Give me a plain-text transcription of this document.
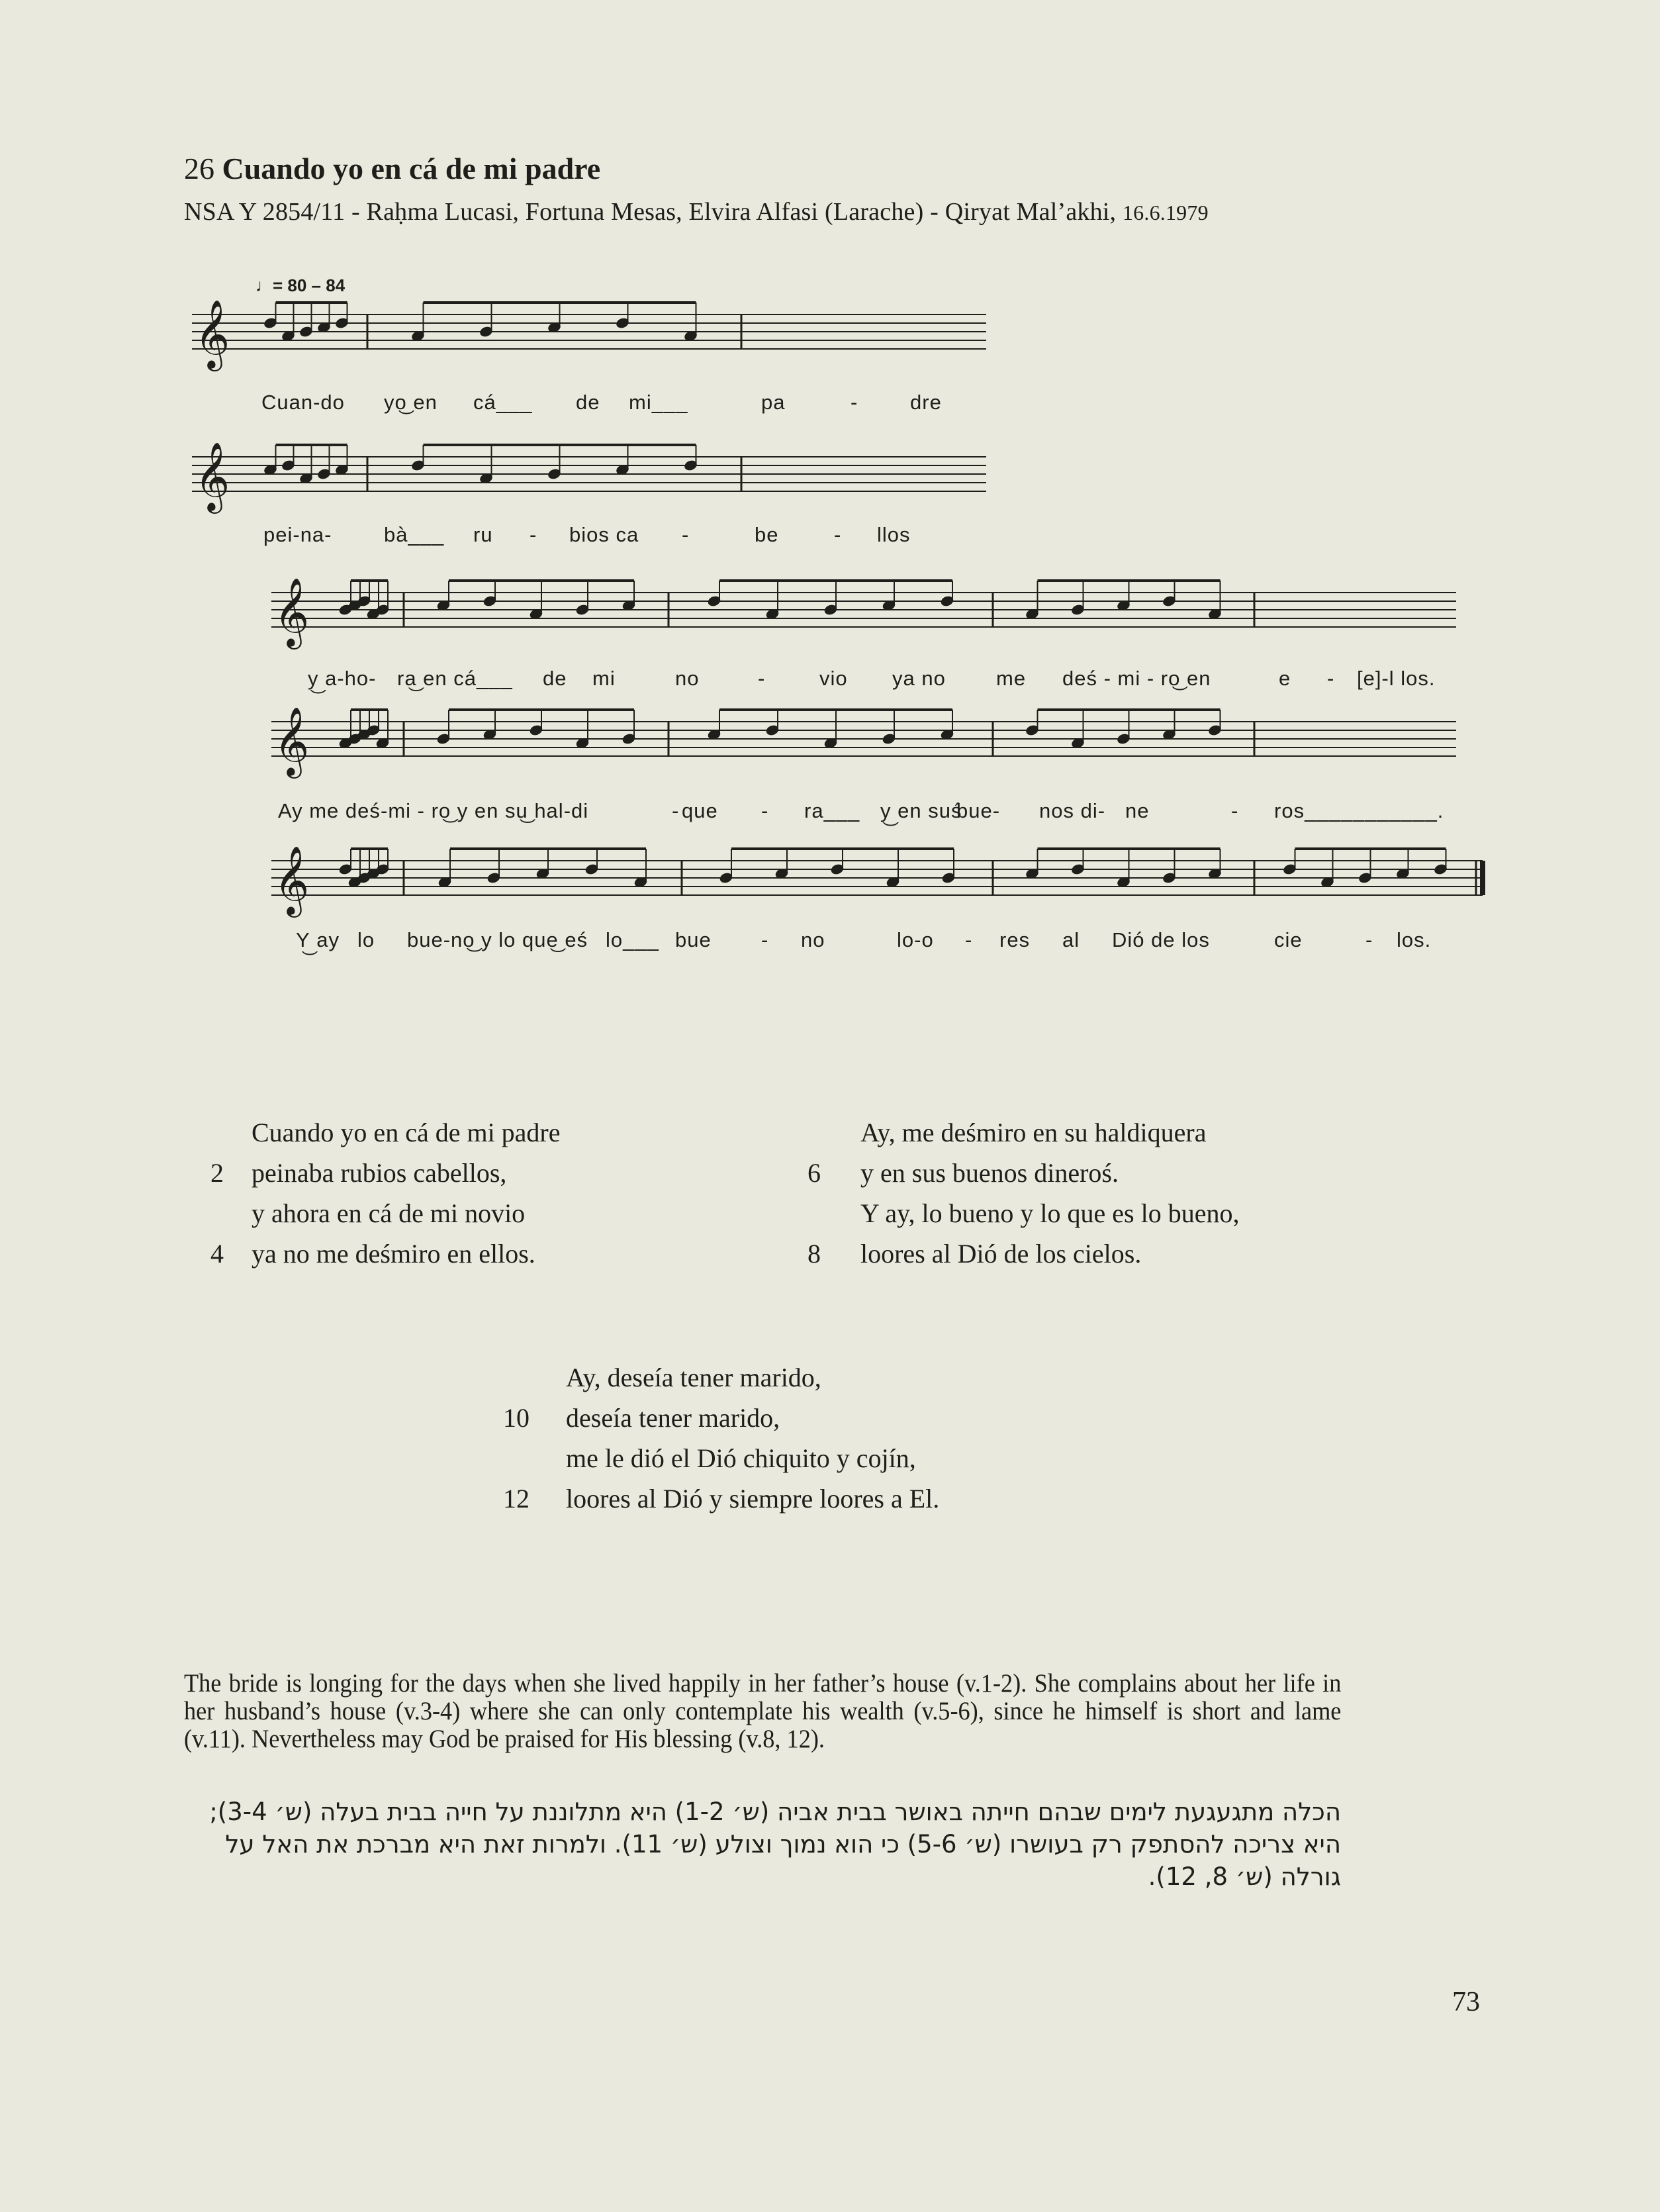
26 Cuando yo en cá de mi padre
NSA Y 2854/11 - Raḥma Lucasi, Fortuna Mesas, Elvira Alfasi (Larache) - Qiryat Mal’akhi, 16.6.1979
♩= 80 – 84
𝄞
𝄞
𝄞
𝄞
𝄞
Cuan-do yo͜ en cá___ de mi___	pa	-	dre
pei-na-	bà___ ru - bios ca -	be	- llos
y͜ a-ho- ra͜ en cá___ de mi	no	-	vio ya no me deś - mi - ro͜ en	e - [e]-l los.
Ay me deś -mi - ro͜ y en su͜ hal-di	- que - ra___ y͜ en suś
bue- nos di- ne	- ros___________.
Y͜ ay lo bue-no͜ y lo que͜ eś lo___ bue - no	lo-o - res al Dió de los	cie	- los.
Cuando yo en cá de mi padre
2 peinaba rubios cabellos,
y ahora en cá de mi novio
4 ya no me deśmiro en ellos.
Ay, me deśmiro en su haldiquera
6 y en sus buenos dineroś.
Y ay, lo bueno y lo que es lo bueno,
8 loores al Dió de los cielos.
Ay, deseía tener marido,
10 deseía tener marido,
me le dió el Dió chiquito y cojín,
12 loores al Dió y siempre loores a El.
The bride is longing for the days when she lived happily in her father’s house (v.1-2). She complains about her life in her husband’s house (v.3-4) where she can only contemplate his wealth (v.5-6), since he himself is short and lame (v.11). Nevertheless may God be praised for His blessing (v.8, 12).
הכלה מתגעגעת לימים שבהם חייתה באושר בבית אביה (ש׳ 1-2) היא מתלוננת על חייה בבית בעלה (ש׳ 3-4); היא צריכה להסתפק רק בעושרו (ש׳ 5-6) כי הוא נמוך וצולע (ש׳ 11). ולמרות זאת היא מברכת את האל על גורלה (ש׳ 8, 12).
73
